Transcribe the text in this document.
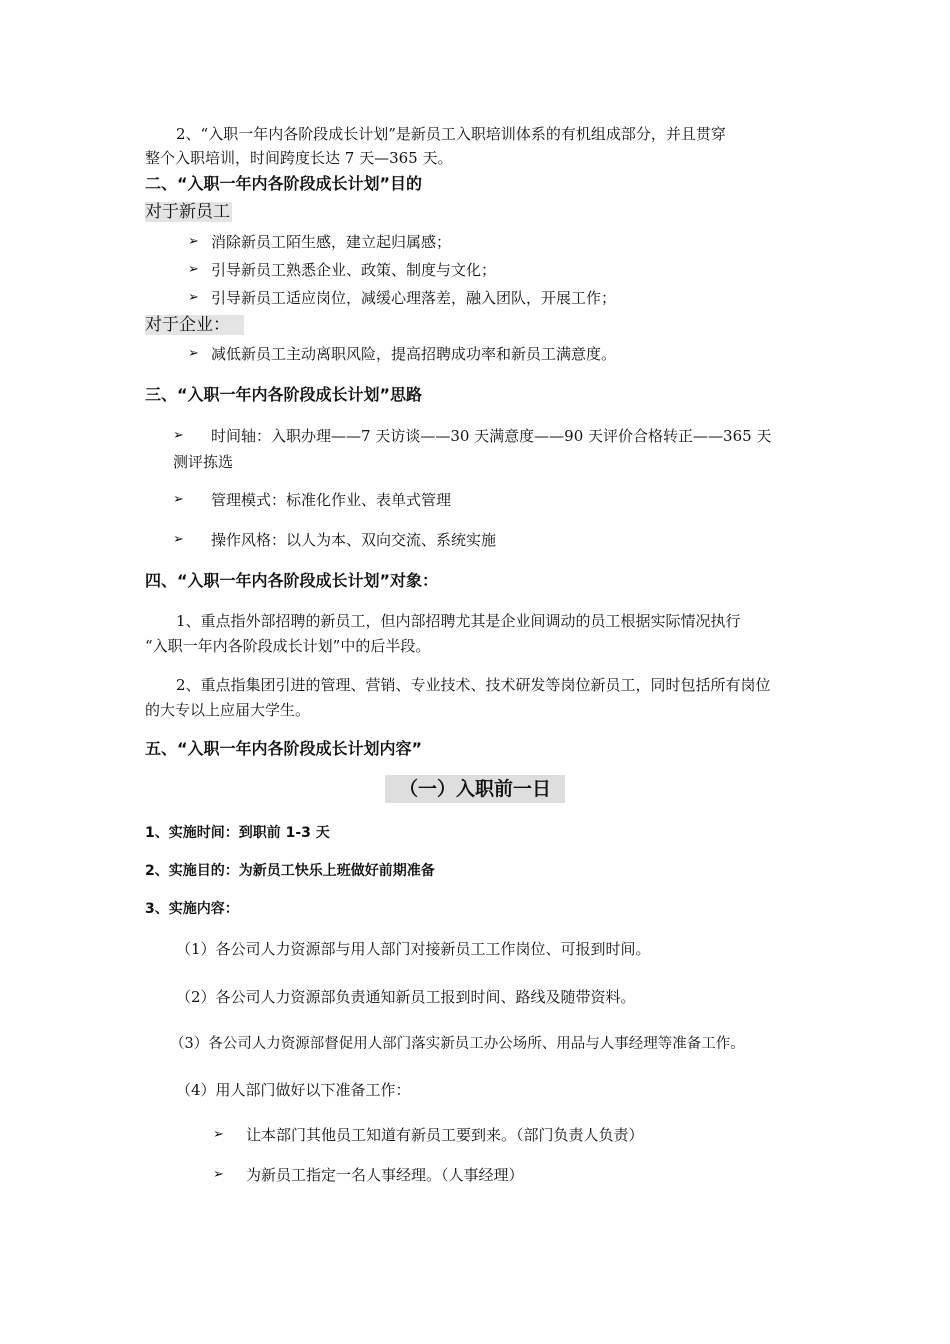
2、“入职一年内各阶段成长计划”是新员工入职培训体系的有机组成部分，并且贯穿
整个入职培训，时间跨度长达 7 天—365 天。
二、“入职一年内各阶段成长计划”目的
对于新员工
➢ 消除新员工陌生感，建立起归属感；
➢ 引导新员工熟悉企业、政策、制度与文化；
➢ 引导新员工适应岗位，减缓心理落差，融入团队，开展工作；
对于企业：
➢ 减低新员工主动离职风险，提高招聘成功率和新员工满意度。
三、“入职一年内各阶段成长计划”思路
➢ 时间轴：入职办理——7 天访谈——30 天满意度——90 天评价合格转正——365 天
测评拣选
➢ 管理模式：标准化作业、表单式管理
➢ 操作风格：以人为本、双向交流、系统实施
四、“入职一年内各阶段成长计划”对象：
1、重点指外部招聘的新员工，但内部招聘尤其是企业间调动的员工根据实际情况执行
“入职一年内各阶段成长计划”中的后半段。
2、重点指集团引进的管理、营销、专业技术、技术研发等岗位新员工，同时包括所有岗位
的大专以上应届大学生。
五、“入职一年内各阶段成长计划内容”
（一）入职前一日
1、实施时间：到职前 1-3 天
2、实施目的：为新员工快乐上班做好前期准备
3、实施内容：
（1）各公司人力资源部与用人部门对接新员工工作岗位、可报到时间。
（2）各公司人力资源部负责通知新员工报到时间、路线及随带资料。
（3）各公司人力资源部督促用人部门落实新员工办公场所、用品与人事经理等准备工作。
（4）用人部门做好以下准备工作：
➢ 让本部门其他员工知道有新员工要到来。（部门负责人负责）
➢ 为新员工指定一名人事经理。（人事经理）
